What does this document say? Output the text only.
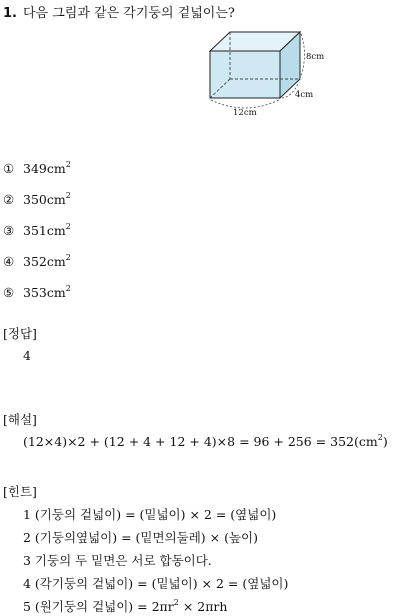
1. 다음 그림과 같은 각기둥의 겉넓이는?
8cm
4cm
12cm
① $349cm^2$
② $350cm^2$
③ $351cm^2$
④ $352cm^2$
⑤ $353cm^2$
[정답]
4
[해설]
$(12\times 4)\times 2 + (12 + 4 + 12 + 4)\times 8 = 96 + 256 = 352(cm^2)$
[힌트]
1 (기둥의 겉넓이) = (밑넓이) × 2 = (옆넓이)
2 (기둥의옆넓이) = (밑면의둘레) × (높이)
3 기둥의 두 밑면은 서로 합동이다.
4 (각기둥의 겉넓이) = (밑넓이) × 2 = (옆넓이)
5 (원기둥의 겉넓이) = $2\pi r^2 \times 2\pi rh$
